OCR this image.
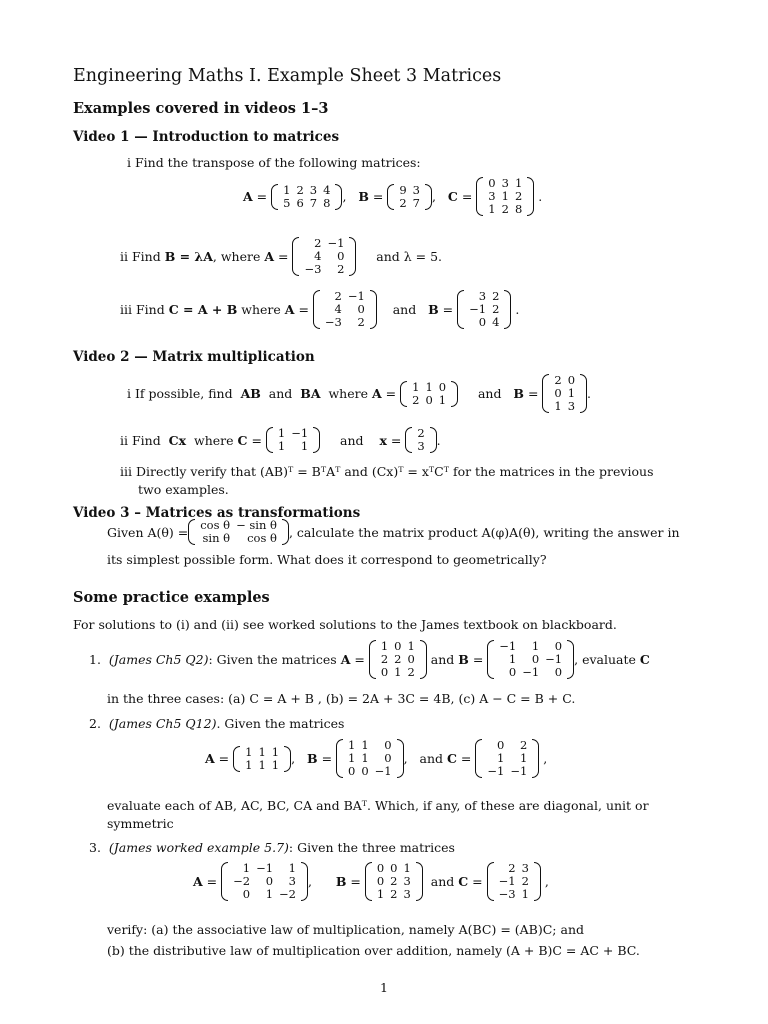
Engineering Maths I. Example Sheet 3 Matrices
Examples covered in videos 1–3
Video 1 — Introduction to matrices
i Find the transpose of the following matrices:
A = 1	2	3	4
5	6	7	8 , B = 9	3
2	7 , C =
0	3	1
3	1	2
1	2	8
.
ii Find
B = λA , where
A =
2	−1
4	0
−3	2

and λ = 5.
iii Find
C = A + B
where
A =
2	−1
4	0
−3	2
and B =
3	2
−1	2
0	4
.
Video 2 — Matrix multiplication
i If possible, find
AB
and
BA
where
A = 1	1	0
2	0	1 and B =
2	0
0	1
1	3
.
ii Find
Cx
where
C = 1	−1
1	1 and x = 2
3 .
iii Directly verify that (AB)ᵀ = BᵀAᵀ and (Cx)ᵀ = xᵀCᵀ for the matrices in the previous
two examples.
Video 3 – Matrices as transformations
Given A(θ) = cos θ	− sin θ
sin θ	cos θ , calculate the matrix product A(φ)A(θ), writing the answer in
its simplest possible form. What does it correspond to geometrically?
Some practice examples
For solutions to (i) and (ii) see worked solutions to the James textbook on blackboard.
1.
(James Ch5 Q2) : Given the matrices
A =
1	0	1
2	2	0
0	1	2
and B =
−1	1	0
1	0	−1
0	−1	0
, evaluate
C
in the three cases: (a) C = A + B , (b) = 2A + 3C = 4B, (c) A − C = B + C.
2.
(James Ch5 Q12) . Given the matrices
A = 1	1	1
1	1	1 , B =
1	1	0
1	1	0
0	0	−1
,   and C =
0	2
1	1
−1	−1
,
evaluate each of AB, AC, BC, CA and BAᵀ. Which, if any, of these are diagonal, unit or
symmetric
3.
(James worked example 5.7) : Given the three matrices
A =
1	−1	1
−2	0	3
0	1	−2
, B =
0	0	1
0	2	3
1	2	3
and C =
2	3
−1	2
−3	1
,
verify: (a) the associative law of multiplication, namely A(BC) = (AB)C; and
(b) the distributive law of multiplication over addition, namely (A + B)C = AC + BC.
1
